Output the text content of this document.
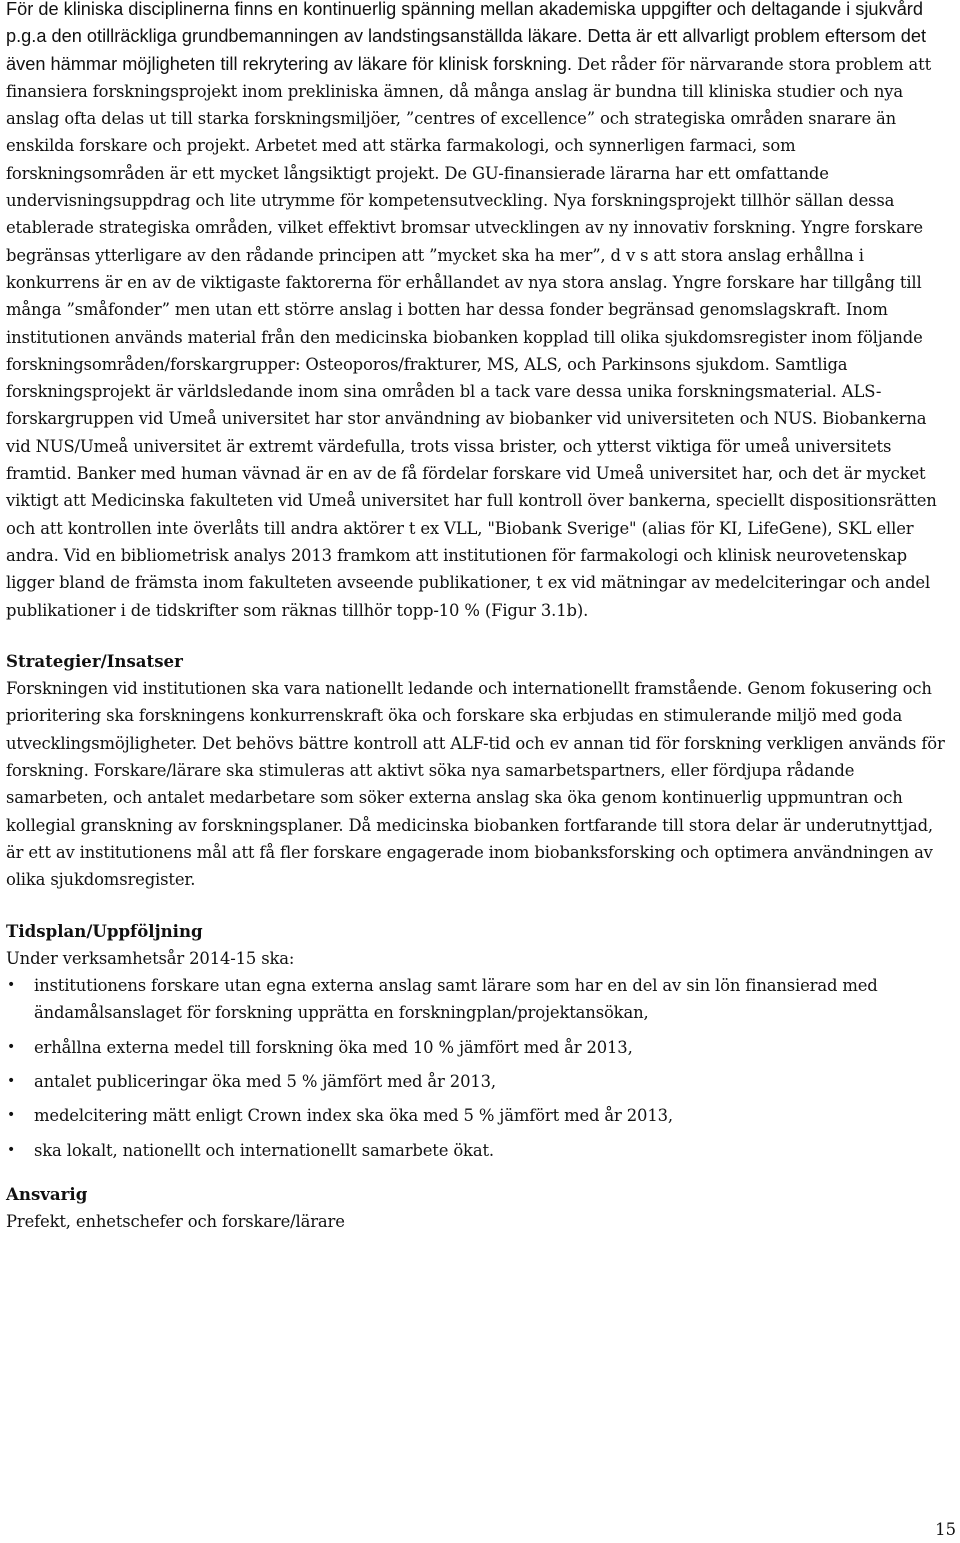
För de kliniska disciplinerna finns en kontinuerlig spänning mellan akademiska uppgifter och deltagande i sjukvård p.g.a den otillräckliga grundbemanningen av landstingsanställda läkare. Detta är ett allvarligt problem eftersom det även hämmar möjligheten till rekrytering av läkare för klinisk forskning. Det råder för närvarande stora problem att finansiera forskningsprojekt inom prekliniska ämnen, då många anslag är bundna till kliniska studier och nya anslag ofta delas ut till starka forskningsmiljöer, ”centres of excellence” och strategiska områden snarare än enskilda forskare och projekt. Arbetet med att stärka farmakologi, och synnerligen farmaci, som forskningsområden är ett mycket långsiktigt projekt. De GU-finansierade lärarna har ett omfattande undervisningsuppdrag och lite utrymme för kompetensutveckling. Nya forskningsprojekt tillhör sällan dessa etablerade strategiska områden, vilket effektivt bromsar utvecklingen av ny innovativ forskning. Yngre forskare begränsas ytterligare av den rådande principen att ”mycket ska ha mer”, d v s att stora anslag erhållna i konkurrens är en av de viktigaste faktorerna för erhållandet av nya stora anslag. Yngre forskare har tillgång till många ”småfonder” men utan ett större anslag i botten har dessa fonder begränsad genomslagskraft. Inom institutionen används material från den medicinska biobanken kopplad till olika sjukdomsregister inom följande forskningsområden/forskargrupper: Osteoporos/frakturer, MS, ALS, och Parkinsons sjukdom. Samtliga forskningsprojekt är världsledande inom sina områden bl a tack vare dessa unika forskningsmaterial. ALS-forskargruppen vid Umeå universitet har stor användning av biobanker vid universiteten och NUS. Biobankerna vid NUS/Umeå universitet är extremt värdefulla, trots vissa brister, och ytterst viktiga för umeå universitets framtid. Banker med human vävnad är en av de få fördelar forskare vid Umeå universitet har, och det är mycket viktigt att Medicinska fakulteten vid Umeå universitet har full kontroll över bankerna, speciellt dispositionsrätten och att kontrollen inte överlåts till andra aktörer t ex VLL, "Biobank Sverige" (alias för KI, LifeGene), SKL eller andra. Vid en bibliometrisk analys 2013 framkom att institutionen för farmakologi och klinisk neurovetenskap ligger bland de främsta inom fakulteten avseende publikationer, t ex vid mätningar av medelciteringar och andel publikationer i de tidskrifter som räknas tillhör topp-10 % (Figur 3.1b).

Strategier/Insatser

Forskningen vid institutionen ska vara nationellt ledande och internationellt framstående. Genom fokusering och prioritering ska forskningens konkurrenskraft öka och forskare ska erbjudas en stimulerande miljö med goda utvecklingsmöjligheter. Det behövs bättre kontroll att ALF-tid och ev annan tid för forskning verkligen används för forskning. Forskare/lärare ska stimuleras att aktivt söka nya samarbetspartners, eller fördjupa rådande samarbeten, och antalet medarbetare som söker externa anslag ska öka genom kontinuerlig uppmuntran och kollegial granskning av forskningsplaner. Då medicinska biobanken fortfarande till stora delar är underutnyttjad, är ett av institutionens mål att få fler forskare engagerade inom biobanksforsking och optimera användningen av olika sjukdomsregister.

Tidsplan/Uppföljning

Under verksamhetsår 2014-15 ska:

• institutionens forskare utan egna externa anslag samt lärare som har en del av sin lön finansierad med ändamålsanslaget för forskning upprätta en forskningplan/projektansökan,
• erhållna externa medel till forskning öka med 10 % jämfört med år 2013,
• antalet publiceringar öka med 5 % jämfört med år 2013,
• medelcitering mätt enligt Crown index ska öka med 5 % jämfört med år 2013,
• ska lokalt, nationellt och internationellt samarbete ökat.
Ansvarig

Prefekt, enhetschefer och forskare/lärare

15
